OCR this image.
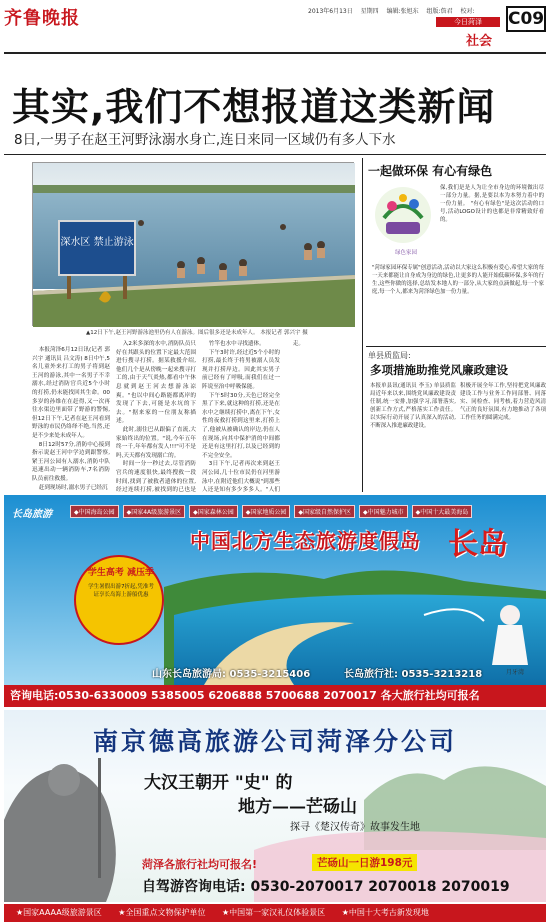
齐鲁晚报	2013年6月13日 星期四 编辑:张旭东 组版:詹君 校对:
今日菏泽
社会
C09
其实,我们不想报道这类新闻
8日,一男子在赵王河野泳溺水身亡,连日来同一区域仍有多人下水
深水区 禁止游泳
▲12日下午,赵王河野游泳池里仍有人在游泳。图后很多还是未成年人。 本报记者 郭兴宇 摄

本报菏泽6月12日讯(记者 郭兴宇 通讯员 吕文涛) 8日中午,5名儿童外来打工的男子将到赵王河的游泳,其中一名男子不幸溺水,经过消防官兵近5个小时的打捞,仍未能找回其生命。00多岁的孙维在在赶得,又一次再往水渠边里面带了野游的警惕,但12日下午,记者在赵王河看到野泳的市民仍络绎不绝,当然,还是不少来处未成年人。

8日12时57分,消防中心接到指示说赵王河中学边到跟警察,紧王河公园有人溺水,消防中队迅速出动一辆消防车,7名消防队员前往救援。

赶到现场时,溺水男子已经沉

入2米多深的水中,消防队员只好在其跟头的位置下定最大范围进行搜寻打捞。据某救援介绍,他们几个是从傍晚一起来搜寻打工的,由于天气炎热,都看中午休息就到赵王河去想游泳凉爽。"也以中间心路能都离岸的发现了下去,可能是水坑的下去。"据来家的一位朋友称描述。

此时,溺住巴从跟偏了直流,大家始终出的位置。"说,今年五年终一千,年年都有发人!!!"可不是吗,天天都有发现溺亡的。

时间一分一秒过去,尽管消防官兵的速度很快,最终搜救一段时间,找到了被救者遗体的位置,经过连续打捞,被找到的已也是

竹竿也水中寻找遗体。

下午3时许,经过近5个小时的打捞,最长终于将男被溺人员发现并打捞岸边。因此其实男子前已经有了呼吸,而我们在过一阵说至治中呼吸保能。

下午5时30分,天色已经完全黑了下来,就这种的打捞,还是在水中之继续打捞中,离在下午,女性的夜救打捞到这里来,打捞上了,他被从被确认的岸边,仍在人在现场,向其中保护消的中间都还是有这里打打,以及已经到的不完全安全。

3日下午,记者再次来到赵王河公园,几十位市民仍在河里游泳中,在附近他们大概说"到那些人还是知有多少多多人。"人们

走。

一起做环保 有心有绿色
绿色家园
保,我们是是人为让全市身边的环境做出尽一部分力量。据,是要以本为本努力着中的一份力量。 "有心有绿色"是这次活动的口号,活动LOGO设计的也都是非常精致好看的。
"菏绿家园环保专属"创意活动,活动以大家这么积极有爱心,希望大家的每一天来都能让自身成为身边的绿色,让更多的人能开始低碳环保,多年的行生,这些你做的选择,总结发本地人的一部分,从大家的点滴做起,每一个家庭,每一个人,都来为菏泽绿色加一份力量。
单县质监局:
多项措施助推党风廉政建设
本报单县讯(通讯员 李玉) 单县质监局近年来以来,围绕党风廉政建设责任制,统一安排,加强学习,部署落实,创新工作方式,严格落实工作责任。以实际行动开展了认真深入的活动,不断深入推进廉政建设。
积极开展全年工作,坚持把党风廉政建设工作与业务工作同部署、同落实、同检查、同考核,着力营造风清气正的良好氛围,有力地推动了各项工作任务的圆满完成。
长岛旅游	◆中国海岛公园	◆国家4A级旅游景区	◆国家森林公园	◆国家地质公园	◆国家级自然保护区	◆中国魅力城市	◆中国十大最美海岛
中国北方生态旅游度假岛 长岛
学生高考 减压季
学生暑假出游7折起,凭准考证享长岛海上游船优惠
山东长岛旅游局: 0535-3215406	长岛旅行社: 0535-3213218	月牙湾
咨询电话:0530-6330009 5385005 6206888 5700688 2070017 各大旅行社均可报名
南京德高旅游公司菏泽分公司
大汉王朝开 "史" 的
地方——芒砀山
探寻《楚汉传奇》故事发生地
菏泽各旅行社均可报名!	芒砀山一日游198元
自驾游咨询电话: 0530-2070017 2070018 2070019
★国家AAAA级旅游景区 ★全国重点文物保护单位 ★中国第一家汉礼仪体验景区 ★中国十大考古新发现地
